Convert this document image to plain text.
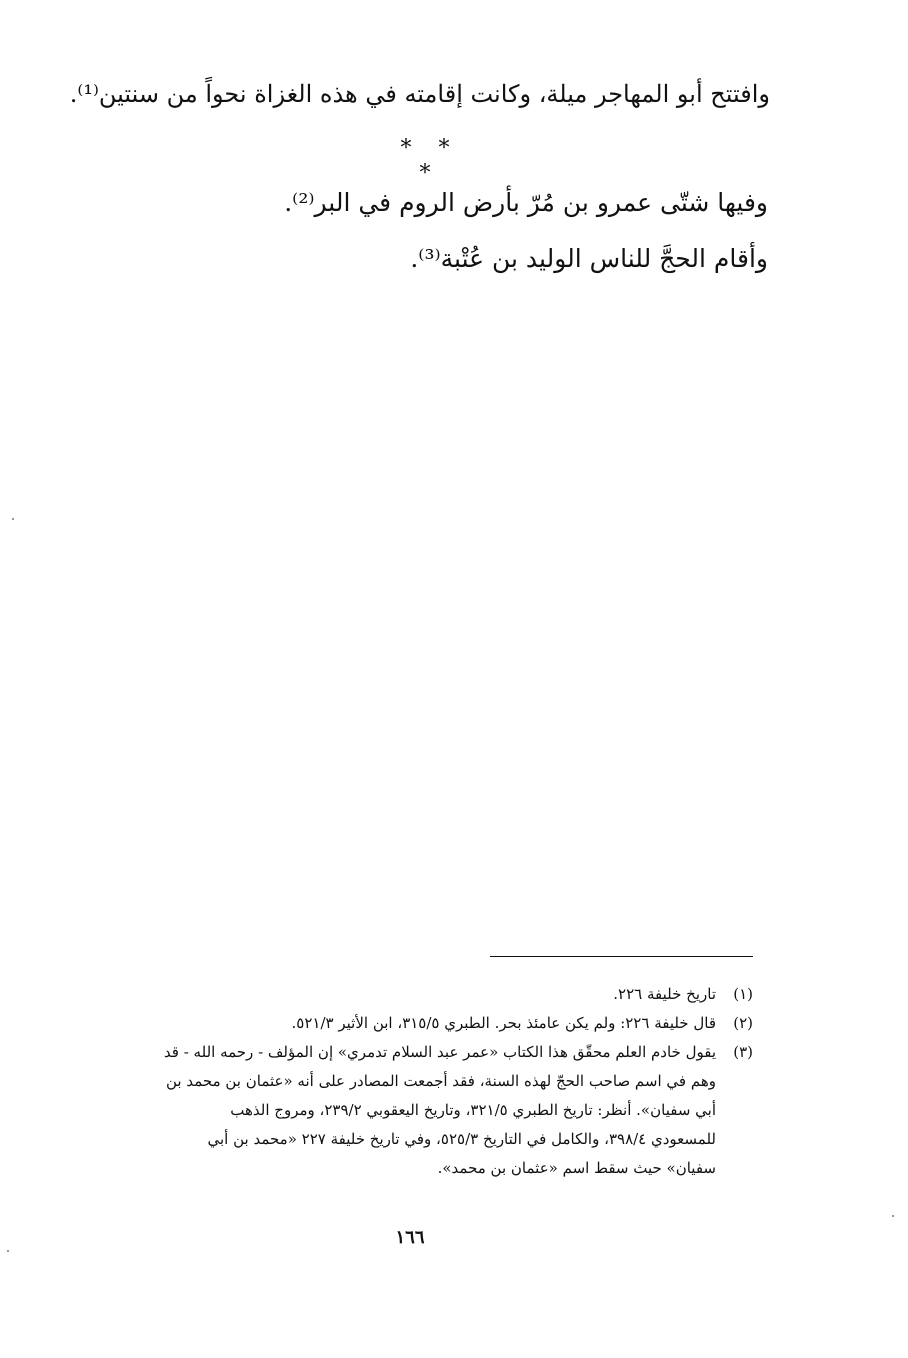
وافتتح أبو المهاجر ميلة، وكانت إقامته في هذه الغزاة نحواً من سنتين⁽¹⁾.
* * *
وفيها شتّى عمرو بن مُرّ بأرض الروم في البر⁽²⁾.
وأقام الحجَّ للناس الوليد بن عُتْبة⁽³⁾.
(١)
تاريخ خليفة ٢٢٦.
(٢)
قال خليفة ٢٢٦: ولم يكن عامئذ بحر. الطبري ٣١٥/٥، ابن الأثير ٥٢١/٣.
(٣)
يقول خادم العلم محقّق هذا الكتاب «عمر عبد السلام تدمري» إن المؤلف - رحمه الله - قد
وهم في اسم صاحب الحجّ لهذه السنة، فقد أجمعت المصادر على أنه «عثمان بن محمد بن
أبي سفيان». أنظر: تاريخ الطبري ٣٢١/٥، وتاريخ اليعقوبي ٢٣٩/٢، ومروج الذهب
للمسعودي ٣٩٨/٤، والكامل في التاريخ ٥٢٥/٣، وفي تاريخ خليفة ٢٢٧ «محمد بن أبي
سفيان» حيث سقط اسم «عثمان بن محمد».
١٦٦
